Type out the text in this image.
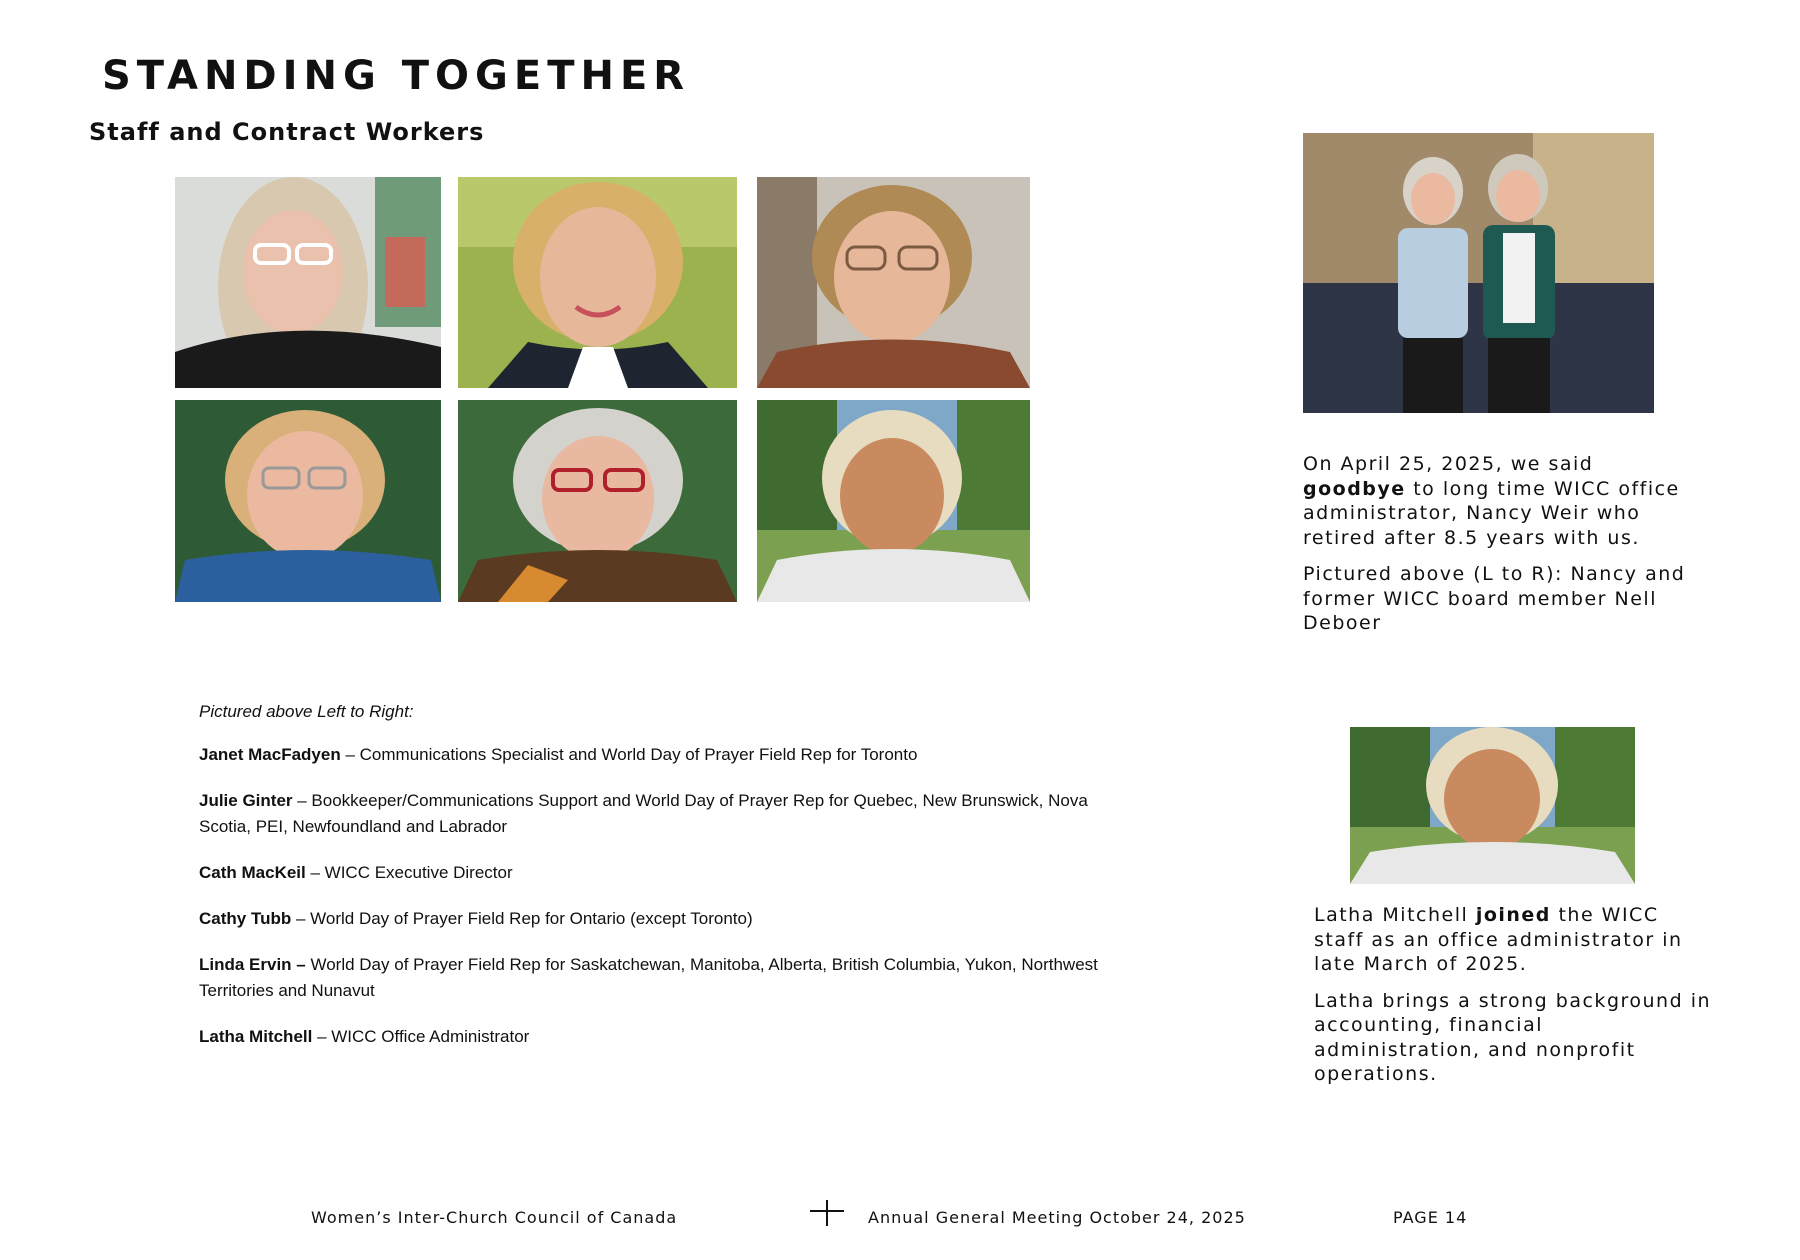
STANDING TOGETHER
Staff and Contract Workers

Pictured above Left to Right:

Janet MacFadyen – Communications Specialist and World Day of Prayer Field Rep for Toronto

Julie Ginter – Bookkeeper/Communications Support and World Day of Prayer Rep for Quebec, New Brunswick, Nova Scotia, PEI, Newfoundland and Labrador

Cath MacKeil – WICC Executive Director

Cathy Tubb – World Day of Prayer Field Rep for Ontario (except Toronto)

Linda Ervin – World Day of Prayer Field Rep for Saskatchewan, Manitoba, Alberta, British Columbia, Yukon, Northwest Territories and Nunavut

Latha Mitchell – WICC Office Administrator

On April 25, 2025, we said goodbye to long time WICC office administrator, Nancy Weir who retired after 8.5 years with us.

Pictured above (L to R): Nancy and former WICC board member Nell Deboer

Latha Mitchell joined the WICC staff as an office administrator in late March of 2025.

Latha brings a strong background in accounting, financial administration, and nonprofit operations.

Women’s Inter-Church Council of Canada	Annual General Meeting October 24, 2025	PAGE 14
